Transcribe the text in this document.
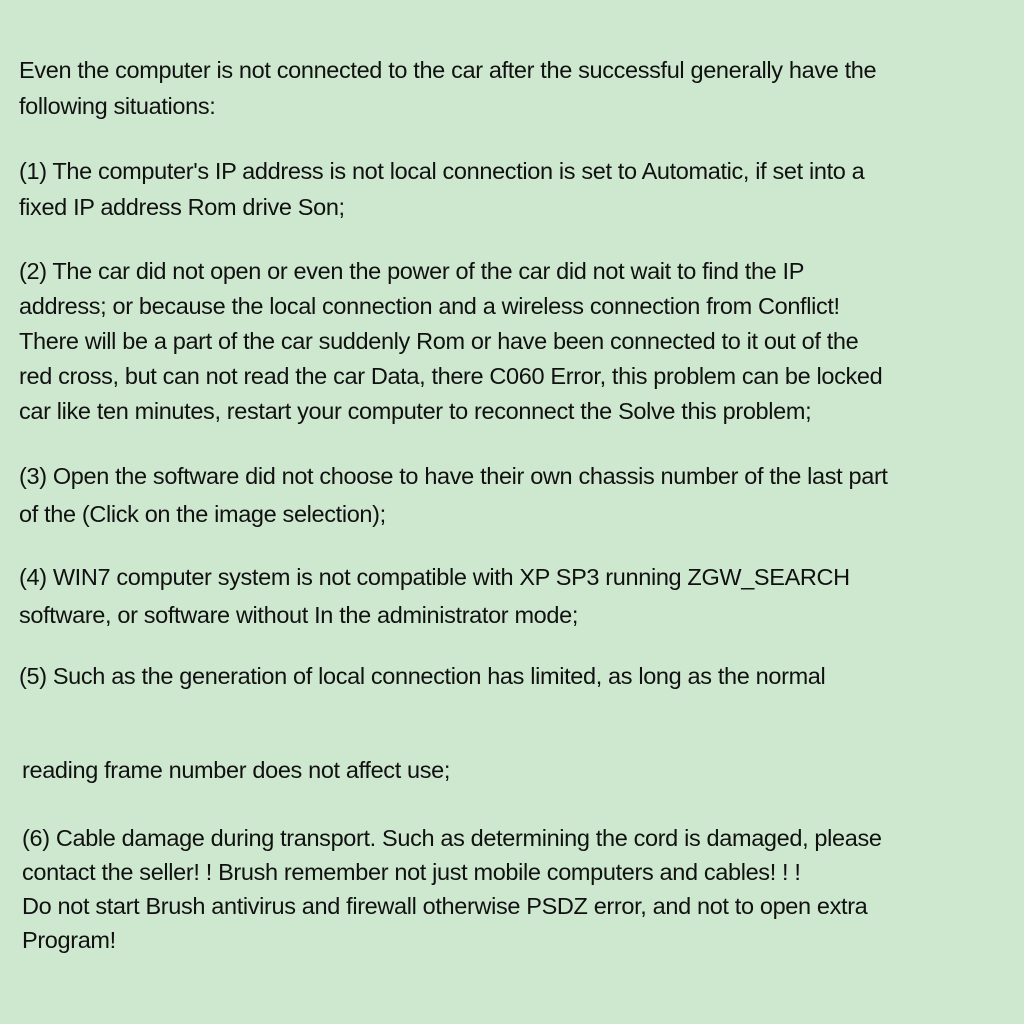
Even the computer is not connected to the car after the successful generally have the
following situations:

(1) The computer's IP address is not local connection is set to Automatic, if set into a
fixed IP address Rom drive Son;

(2) The car did not open or even the power of the car did not wait to find the IP
address; or because the local connection and a wireless connection from Conflict!
There will be a part of the car suddenly Rom or have been connected to it out of the
red cross, but can not read the car Data, there C060 Error, this problem can be locked
car like ten minutes, restart your computer to reconnect the Solve this problem;

(3) Open the software did not choose to have their own chassis number of the last part
of the (Click on the image selection);

(4) WIN7 computer system is not compatible with XP SP3 running ZGW_SEARCH
software, or software without In the administrator mode;

(5) Such as the generation of local connection has limited, as long as the normal

reading frame number does not affect use;

(6) Cable damage during transport. Such as determining the cord is damaged, please
contact the seller! ! Brush remember not just mobile computers and cables! ! !
Do not start Brush antivirus and firewall otherwise PSDZ error, and not to open extra
Program!
